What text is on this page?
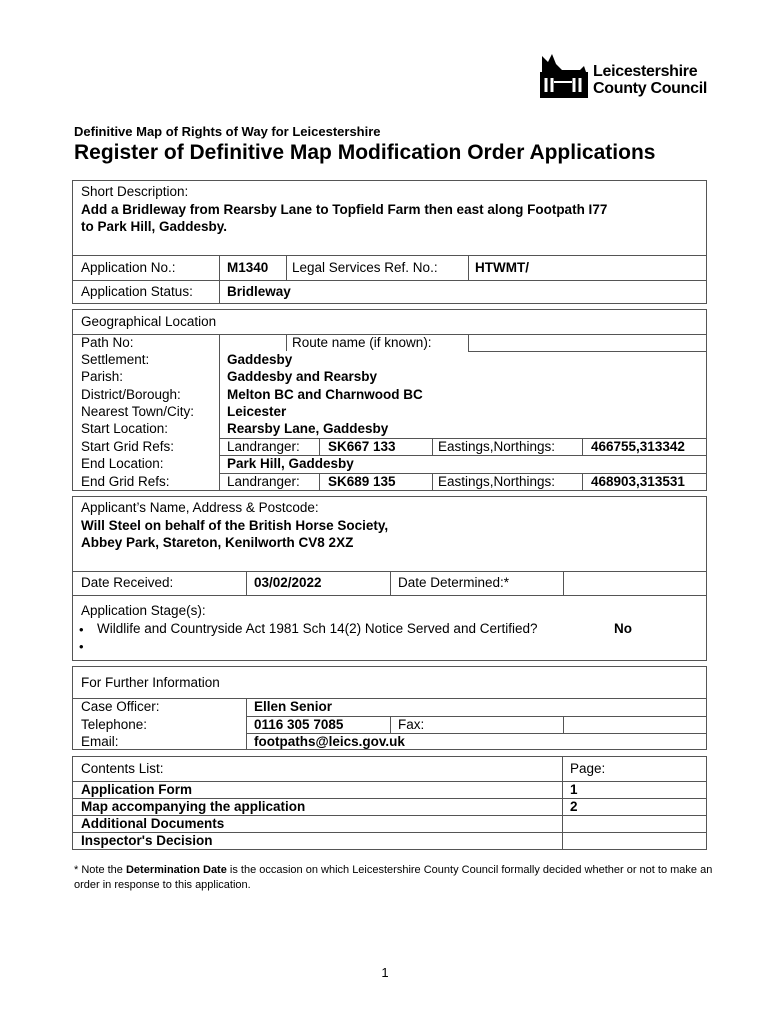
Leicestershire
County Council
Definitive Map of Rights of Way for Leicestershire
Register of Definitive Map Modification Order Applications
Short Description:
Add a Bridleway from Rearsby Lane to Topfield Farm then east along Footpath I77
to Park Hill, Gaddesby.
Application No.:	M1340 Legal Services Ref. No.:	HTWMT/
Application Status:	Bridleway
Geographical Location
Path No:	Route name (if known):
Settlement:	Gaddesby
Parish:	Gaddesby and Rearsby
District/Borough:	Melton BC and Charnwood BC
Nearest Town/City: Leicester
Start Location:	Rearsby Lane, Gaddesby
Start Grid Refs:	Landranger: SK667 133	Eastings,Northings:	466755,313342
End Location:	Park Hill, Gaddesby
End Grid Refs:	Landranger: SK689 135	Eastings,Northings:	468903,313531
Applicant’s Name, Address & Postcode:
Will Steel on behalf of the British Horse Society,
Abbey Park, Stareton, Kenilworth CV8 2XZ
Date Received:	03/02/2022	Date Determined:*
Application Stage(s):
• Wildlife and Countryside Act 1981 Sch 14(2) Notice Served and Certified?	No
•
For Further Information
Case Officer:	Ellen Senior
Telephone:	0116 305 7085	Fax:
Email:	footpaths@leics.gov.uk
Contents List:	Page:
Application Form	1
Map accompanying the application	2
Additional Documents
Inspector's Decision
* Note the Determination Date is the occasion on which Leicestershire County Council formally decided whether or not to make an order in response to this application.
1
